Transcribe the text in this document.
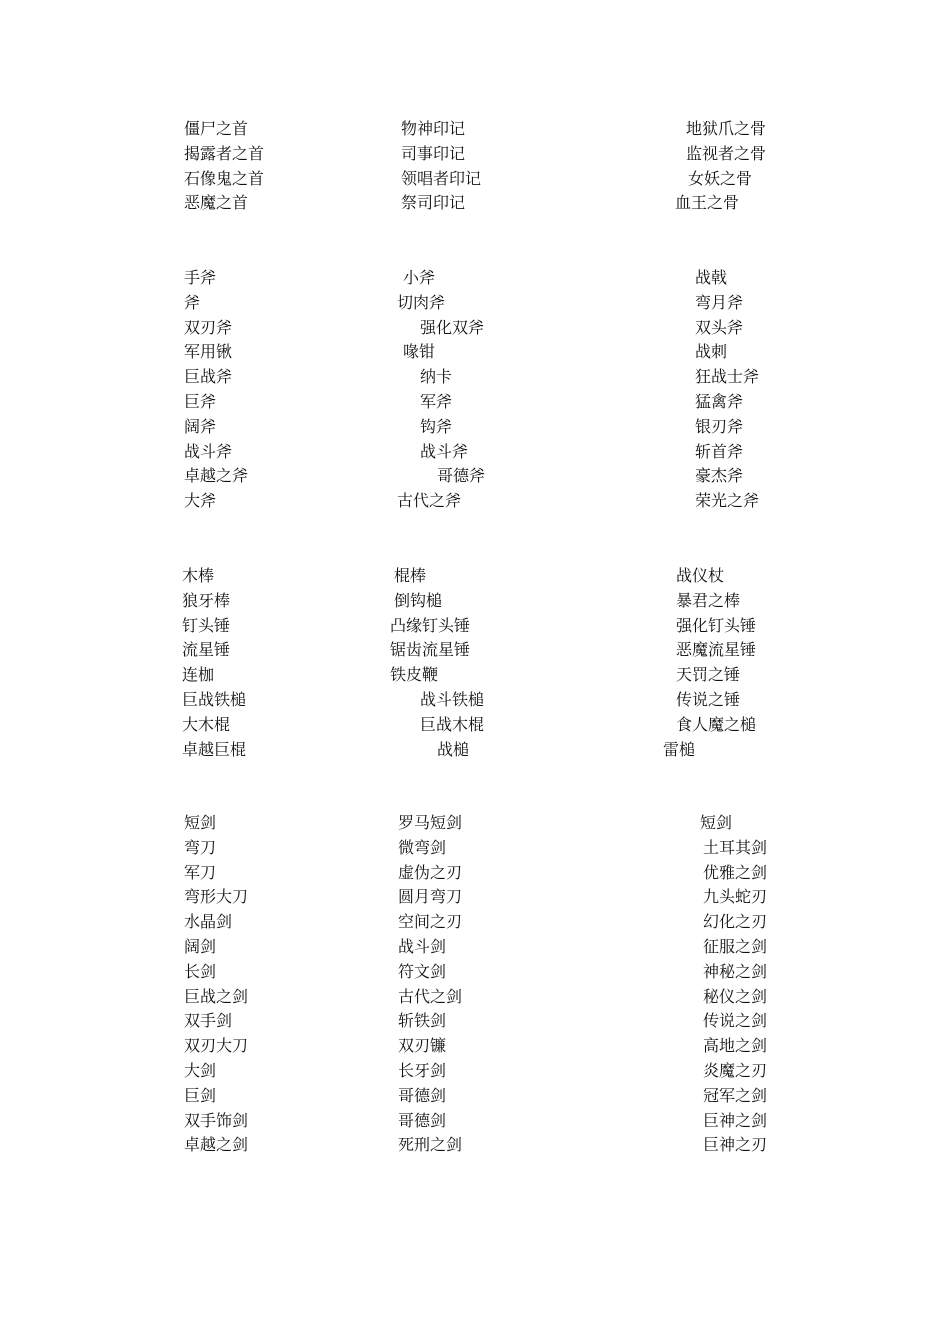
僵尸之首	物神印记	地狱爪之骨
揭露者之首	司事印记	监视者之骨
石像鬼之首	领唱者印记	女妖之骨
恶魔之首	祭司印记	血王之骨
手斧	小斧	战戟
斧	切肉斧	弯月斧
双刃斧	强化双斧	双头斧
军用锹	喙钳	战刺
巨战斧	纳卡	狂战士斧
巨斧	军斧	猛禽斧
阔斧	钩斧	银刃斧
战斗斧	战斗斧	斩首斧
卓越之斧	哥德斧	豪杰斧
大斧	古代之斧	荣光之斧
木棒	棍棒	战仪杖
狼牙棒	倒钩槌	暴君之棒
钉头锤	凸缘钉头锤	强化钉头锤
流星锤	锯齿流星锤	恶魔流星锤
连枷	铁皮鞭	天罚之锤
巨战铁槌	战斗铁槌	传说之锤
大木棍	巨战木棍	食人魔之槌
卓越巨棍	战槌	雷槌
短剑	罗马短剑	短剑
弯刀	微弯剑	土耳其剑
军刀	虚伪之刃	优雅之剑
弯形大刀	圆月弯刀	九头蛇刃
水晶剑	空间之刃	幻化之刃
阔剑	战斗剑	征服之剑
长剑	符文剑	神秘之剑
巨战之剑	古代之剑	秘仪之剑
双手剑	斩铁剑	传说之剑
双刃大刀	双刃镰	高地之剑
大剑	长牙剑	炎魔之刃
巨剑	哥德剑	冠军之剑
双手饰剑	哥德剑	巨神之剑
卓越之剑	死刑之剑	巨神之刃
